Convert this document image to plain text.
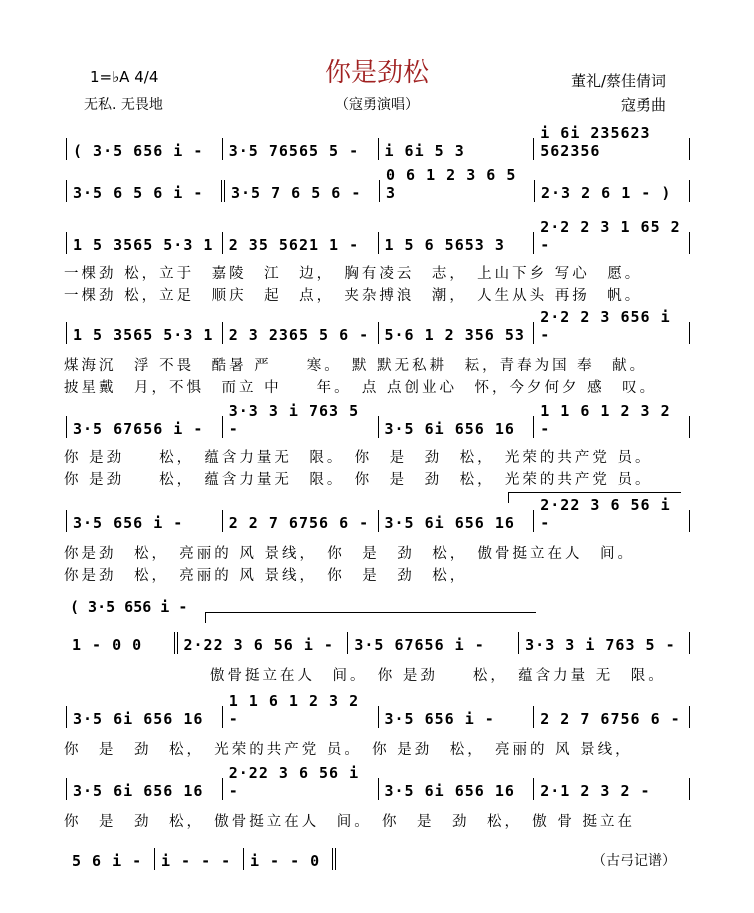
你是劲松
（寇勇演唱）
1=♭A 4/4
无私. 无畏地
董礼/蔡佳倩词
寇勇曲
（古弓记谱）
( 3·5 656 i -	3·5 76565 5 -	i 6i 5 3
i 6i 235623 562356
3·5 6 5 6 i -	3·5 7 6 5 6 -
0 6 1 2 3 6 5 3	2·3 2 6 1 - )
1 5 3565 5·3 1	2 35 5621 1 -	1 5 6 5653 3
2·2 2 3 1 65 2 -
一棵劲 松，立于　嘉陵　江　边，　胸有凌云　志，　上山下乡 写心　愿。
一棵劲 松，立足　顺庆　起　点，　夹杂搏浪　潮，　人生从头 再扬　帆。
1 5 3565 5·3 1	2 3 2365 5 6 -	5·6 1 2 356 53
2·2 2 3 656 i -
煤海沉　浮 不畏　酷暑 严　　寒。　默 默无私耕　耘，青春为国 奉　献。
披星戴　月，不惧　而立 中　　年。　点 点创业心　怀，今夕何夕 感　叹。
3·5 67656 i -
3·3 3 i 763 5 -	3·5 6i 656 16
1 1 6 1 2 3 2 -
你 是劲　　松，　蕴含力量无　限。　你　是　劲　松，　光荣的共产党 员。
你 是劲　　松，　蕴含力量无　限。　你　是　劲　松，　光荣的共产党 员。
3·5 656 i -	2 2 7 6756 6 -	3·5 6i 656 16
2·22 3 6 56 i -
你是劲　松，　亮丽的 风 景线，　你　是　劲　松，　傲骨挺立在人　间。
你是劲　松，　亮丽的 风 景线，　你　是　劲　松，
( 3·5 656 i -
1 - 0 0	2·22 3 6 56 i -	3·5 67656 i -	3·3 3 i 763 5 -
傲骨挺立在人　间。　你 是劲　　松，　蕴含力量 无　限。
3·5 6i 656 16
1 1 6 1 2 3 2 -	3·5 656 i -	2 2 7 6756 6 -
你　是　劲　松，　光荣的共产党 员。　你 是劲　松，　亮丽的 风 景线，
3·5 6i 656 16
2·22 3 6 56 i -	3·5 6i 656 16	2·1 2 3 2 -
你　是　劲　松，　傲骨挺立在人　间。　你　是　劲　松，　傲 骨 挺立在
5 6 i -	i - - -	i - - 0
